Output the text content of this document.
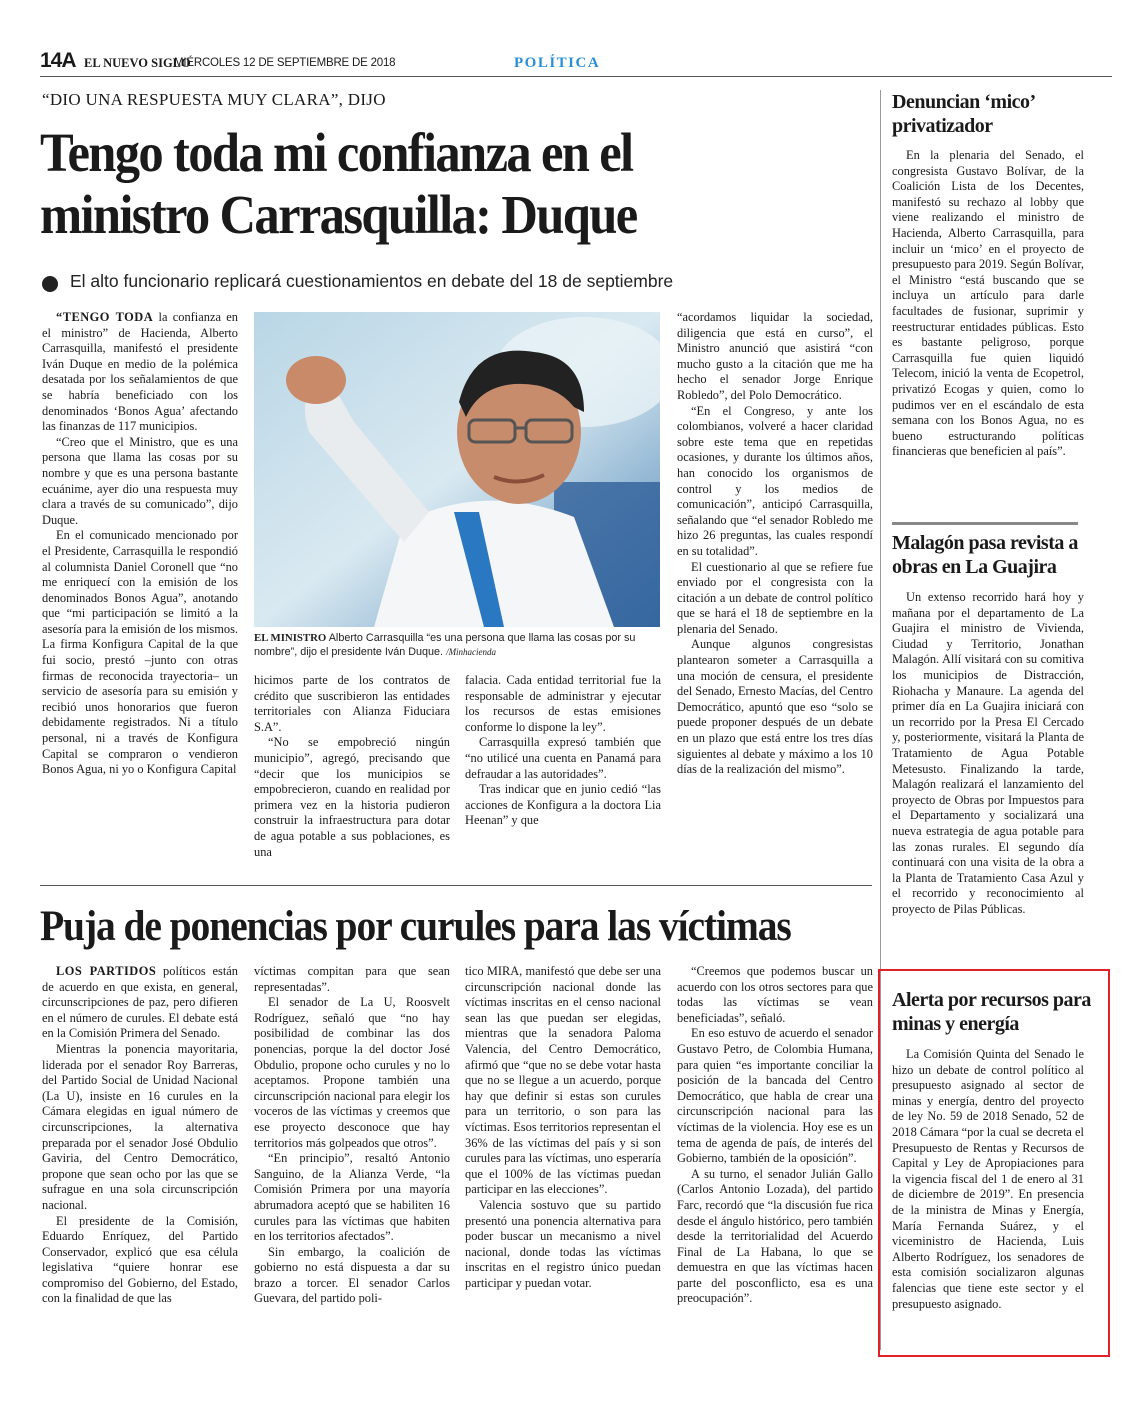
14A EL NUEVO SIGLO
MIÉRCOLES 12 DE SEPTIEMBRE DE 2018	POLÍTICA
“DIO UNA RESPUESTA MUY CLARA”, DIJO
Tengo toda mi confianza en el ministro Carrasquilla: Duque
El alto funcionario replicará cuestionamientos en debate del 18 de septiembre

“TENGO TODA la confianza en el ministro” de Hacienda, Alberto Carrasquilla, manifestó el presidente Iván Duque en medio de la polémica desatada por los señalamientos de que se habría beneficiado con los denominados ‘Bonos Agua’ afectando las finanzas de 117 municipios.

“Creo que el Ministro, que es una persona que llama las cosas por su nombre y que es una persona bastante ecuánime, ayer dio una respuesta muy clara a través de su comunicado”, dijo Duque.

En el comunicado mencionado por el Presidente, Carrasquilla le respondió al columnista Daniel Coronell que “no me enriquecí con la emisión de los denominados Bonos Agua”, anotando que “mi participación se limitó a la asesoría para la emisión de los mismos. La firma Konfigura Capital de la que fui socio, prestó –junto con otras firmas de reconocida trayectoria– un servicio de asesoría para su emisión y recibió unos honorarios que fueron debidamente registrados. Ni a título personal, ni a través de Konfigura Capital se compraron o vendieron Bonos Agua, ni yo o Konfigura Capital

EL MINISTRO Alberto Carrasquilla “es una persona que llama las cosas por su nombre”, dijo el presidente Iván Duque. /Minhacienda

hicimos parte de los contratos de crédito que suscribieron las entidades territoriales con Alianza Fiduciara S.A”.

“No se empobreció ningún municipio”, agregó, precisando que “decir que los municipios se empobrecieron, cuando en realidad por primera vez en la historia pudieron construir la infraestructura para dotar de agua potable a sus poblaciones, es una

falacia. Cada entidad territorial fue la responsable de administrar y ejecutar los recursos de estas emisiones conforme lo dispone la ley”.

Carrasquilla expresó también que “no utilicé una cuenta en Panamá para defraudar a las autoridades”.

Tras indicar que en junio cedió “las acciones de Konfigura a la doctora Lia Heenan” y que

“acordamos liquidar la sociedad, diligencia que está en curso”, el Ministro anunció que asistirá “con mucho gusto a la citación que me ha hecho el senador Jorge Enrique Robledo”, del Polo Democrático.

“En el Congreso, y ante los colombianos, volveré a hacer claridad sobre este tema que en repetidas ocasiones, y durante los últimos años, han conocido los organismos de control y los medios de comunicación”, anticipó Carrasquilla, señalando que “el senador Robledo me hizo 26 preguntas, las cuales respondí en su totalidad”.

El cuestionario al que se refiere fue enviado por el congresista con la citación a un debate de control político que se hará el 18 de septiembre en la plenaria del Senado.

Aunque algunos congresistas plantearon someter a Carrasquilla a una moción de censura, el presidente del Senado, Ernesto Macías, del Centro Democrático, apuntó que eso “solo se puede proponer después de un debate en un plazo que está entre los tres días siguientes al debate y máximo a los 10 días de la realización del mismo”.

Puja de ponencias por curules para las víctimas

LOS PARTIDOS políticos están de acuerdo en que exista, en general, circunscripciones de paz, pero difieren en el número de curules. El debate está en la Comisión Primera del Senado.

Mientras la ponencia mayoritaria, liderada por el senador Roy Barreras, del Partido Social de Unidad Nacional (La U), insiste en 16 curules en la Cámara elegidas en igual número de circunscripciones, la alternativa preparada por el senador José Obdulio Gaviria, del Centro Democrático, propone que sean ocho por las que se sufrague en una sola circunscripción nacional.

El presidente de la Comisión, Eduardo Enríquez, del Partido Conservador, explicó que esa célula legislativa “quiere honrar ese compromiso del Gobierno, del Estado, con la finalidad de que las

víctimas compitan para que sean representadas”.

El senador de La U, Roosvelt Rodríguez, señaló que “no hay posibilidad de combinar las dos ponencias, porque la del doctor José Obdulio, propone ocho curules y no lo aceptamos. Propone también una circunscripción nacional para elegir los voceros de las víctimas y creemos que ese proyecto desconoce que hay territorios más golpeados que otros”.

“En principio”, resaltó Antonio Sanguino, de la Alianza Verde, “la Comisión Primera por una mayoría abrumadora aceptó que se habiliten 16 curules para las víctimas que habiten en los territorios afectados”.

Sin embargo, la coalición de gobierno no está dispuesta a dar su brazo a torcer. El senador Carlos Guevara, del partido poli-

tico MIRA, manifestó que debe ser una circunscripción nacional donde las víctimas inscritas en el censo nacional sean las que puedan ser elegidas, mientras que la senadora Paloma Valencia, del Centro Democrático, afirmó que “que no se debe votar hasta que no se llegue a un acuerdo, porque hay que definir si estas son curules para un territorio, o son para las víctimas. Esos territorios representan el 36% de las víctimas del país y si son curules para las víctimas, uno esperaría que el 100% de las víctimas puedan participar en las elecciones”.

Valencia sostuvo que su partido presentó una ponencia alternativa para poder buscar un mecanismo a nivel nacional, donde todas las víctimas inscritas en el registro único puedan participar y puedan votar.

“Creemos que podemos buscar un acuerdo con los otros sectores para que todas las víctimas se vean beneficiadas”, señaló.

En eso estuvo de acuerdo el senador Gustavo Petro, de Colombia Humana, para quien “es importante conciliar la posición de la bancada del Centro Democrático, que habla de crear una circunscripción nacional para las víctimas de la violencia. Hoy ese es un tema de agenda de país, de interés del Gobierno, también de la oposición”.

A su turno, el senador Julián Gallo (Carlos Antonio Lozada), del partido Farc, recordó que “la discusión fue rica desde el ángulo histórico, pero también desde la territorialidad del Acuerdo Final de La Habana, lo que se demuestra en que las víctimas hacen parte del posconflicto, esa es una preocupación”.

Denuncian ‘mico’ privatizador

En la plenaria del Senado, el congresista Gustavo Bolívar, de la Coalición Lista de los Decentes, manifestó su rechazo al lobby que viene realizando el ministro de Hacienda, Alberto Carrasquilla, para incluir un ‘mico’ en el proyecto de presupuesto para 2019. Según Bolívar, el Ministro “está buscando que se incluya un artículo para darle facultades de fusionar, suprimir y reestructurar entidades públicas. Esto es bastante peligroso, porque Carrasquilla fue quien liquidó Telecom, inició la venta de Ecopetrol, privatizó Ecogas y quien, como lo pudimos ver en el escándalo de esta semana con los Bonos Agua, no es bueno estructurando políticas financieras que beneficien al país”.

Malagón pasa revista a obras en La Guajira

Un extenso recorrido hará hoy y mañana por el departamento de La Guajira el ministro de Vivienda, Ciudad y Territorio, Jonathan Malagón. Allí visitará con su comitiva los municipios de Distracción, Riohacha y Manaure. La agenda del primer día en La Guajira iniciará con un recorrido por la Presa El Cercado y, posteriormente, visitará la Planta de Tratamiento de Agua Potable Metesusto. Finalizando la tarde, Malagón realizará el lanzamiento del proyecto de Obras por Impuestos para el Departamento y socializará una nueva estrategia de agua potable para las zonas rurales. El segundo día continuará con una visita de la obra a la Planta de Tratamiento Casa Azul y el recorrido y reconocimiento al proyecto de Pilas Públicas.

Alerta por recursos para minas y energía

La Comisión Quinta del Senado le hizo un debate de control político al presupuesto asignado al sector de minas y energía, dentro del proyecto de ley No. 59 de 2018 Senado, 52 de 2018 Cámara “por la cual se decreta el Presupuesto de Rentas y Recursos de Capital y Ley de Apropiaciones para la vigencia fiscal del 1 de enero al 31 de diciembre de 2019”. En presencia de la ministra de Minas y Energía, María Fernanda Suárez, y el viceministro de Hacienda, Luis Alberto Rodríguez, los senadores de esta comisión socializaron algunas falencias que tiene este sector y el presupuesto asignado.
